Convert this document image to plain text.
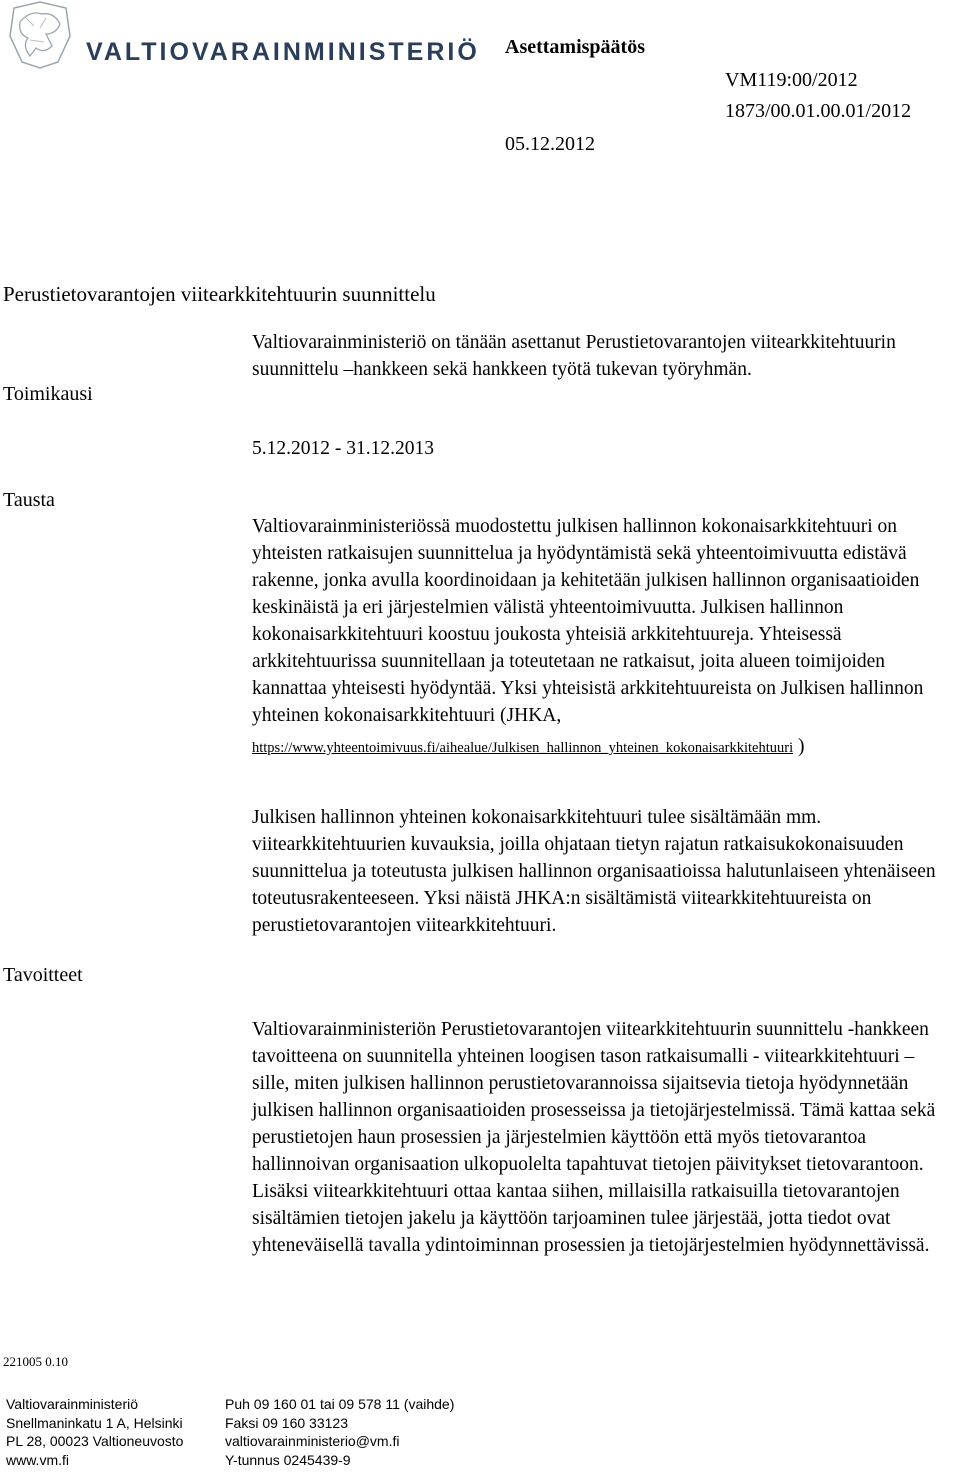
VALTIOVARAINMINISTERIÖ Asettamispäätös
VM119:00/2012
1873/00.01.00.01/2012
05.12.2012
Perustietovarantojen viitearkkitehtuurin suunnittelu

Valtiovarainministeriö on tänään asettanut Perustietovarantojen viitearkkitehtuurin suunnittelu –hankkeen sekä hankkeen työtä tukevan työryhmän.

Toimikausi
5.12.2012 - 31.12.2013
Tausta

Valtiovarainministeriössä muodostettu julkisen hallinnon kokonaisarkkitehtuuri on yhteisten ratkaisujen suunnittelua ja hyödyntämistä sekä yhteentoimivuutta edistävä rakenne, jonka avulla koordinoidaan ja kehitetään julkisen hallinnon organisaatioiden keskinäistä ja eri järjestelmien välistä yhteentoimivuutta. Julkisen hallinnon kokonaisarkkitehtuuri koostuu joukosta yhteisiä arkkitehtuureja. Yhteisessä arkkitehtuurissa suunnitellaan ja toteutetaan ne ratkaisut, joita alueen toimijoiden kannattaa yhteisesti hyödyntää. Yksi yhteisistä arkkitehtuureista on Julkisen hallinnon yhteinen kokonaisarkkitehtuuri (JHKA,

https://www.yhteentoimivuus.fi/aihealue/Julkisen_hallinnon_yhteinen_kokonaisarkkitehtuuri )

Julkisen hallinnon yhteinen kokonaisarkkitehtuuri tulee sisältämään mm. viitearkkitehtuurien kuvauksia, joilla ohjataan tietyn rajatun ratkaisukokonaisuuden suunnittelua ja toteutusta julkisen hallinnon organisaatioissa halutunlaiseen yhtenäiseen toteutusrakenteeseen. Yksi näistä JHKA:n sisältämistä viitearkkitehtuureista on perustietovarantojen viitearkkitehtuuri.

Tavoitteet

Valtiovarainministeriön Perustietovarantojen viitearkkitehtuurin suunnittelu -hankkeen tavoitteena on suunnitella yhteinen loogisen tason ratkaisumalli - viitearkkitehtuuri – sille, miten julkisen hallinnon perustietovarannoissa sijaitsevia tietoja hyödynnetään julkisen hallinnon organisaatioiden prosesseissa ja tietojärjestelmissä. Tämä kattaa sekä perustietojen haun prosessien ja järjestelmien käyttöön että myös tietovarantoa hallinnoivan organisaation ulkopuolelta tapahtuvat tietojen päivitykset tietovarantoon. Lisäksi viitearkkitehtuuri ottaa kantaa siihen, millaisilla ratkaisuilla tietovarantojen sisältämien tietojen jakelu ja käyttöön tarjoaminen tulee järjestää, jotta tiedot ovat yhteneväisellä tavalla ydintoiminnan prosessien ja tietojärjestelmien hyödynnettävissä.

221005 0.10
Valtiovarainministeriö
Snellmaninkatu 1 A, Helsinki
PL 28, 00023 Valtioneuvosto
www.vm.fi
Puh 09 160 01 tai 09 578 11 (vaihde)
Faksi 09 160 33123
valtiovarainministerio@vm.fi
Y-tunnus 0245439-9
